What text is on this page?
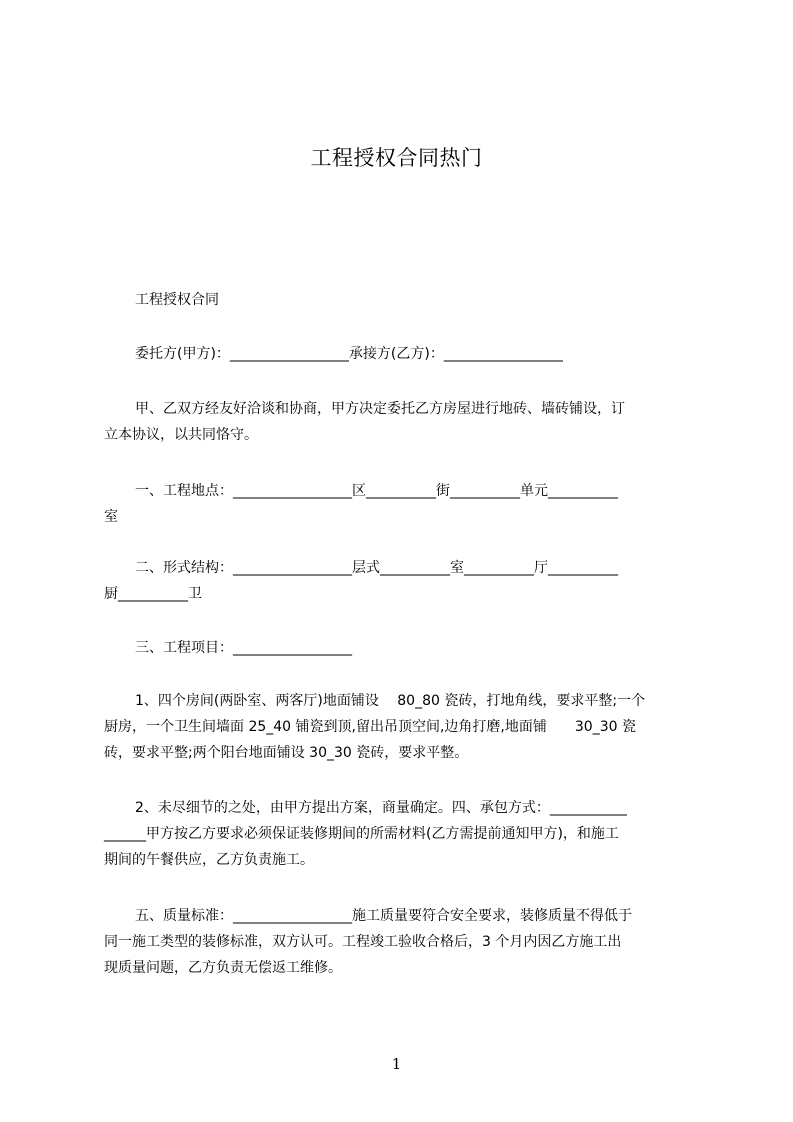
工程授权合同热门
工程授权合同
委托方(甲方)：_________________承接方(乙方)：_________________
甲、乙双方经友好洽谈和协商，甲方决定委托乙方房屋进行地砖、墙砖铺设，订
立本协议，以共同恪守。
一、工程地点：_________________区__________街__________单元__________
室
二、形式结构：_________________层式__________室__________厅__________
厨__________卫
三、工程项目：_________________
1、四个房间(两卧室、两客厅)地面铺设　 80_80 瓷砖，打地角线，要求平整;一个
厨房，一个卫生间墙面 25_40 铺瓷到顶,留出吊顶空间,边角打磨,地面铺　　30_30 瓷
砖，要求平整;两个阳台地面铺设 30_30 瓷砖，要求平整。
2、未尽细节的之处，由甲方提出方案，商量确定。四、承包方式：___________
______甲方按乙方要求必须保证装修期间的所需材料(乙方需提前通知甲方)，和施工
期间的午餐供应，乙方负责施工。
五、质量标准：_________________施工质量要符合安全要求，装修质量不得低于
同一施工类型的装修标准，双方认可。工程竣工验收合格后，3 个月内因乙方施工出
现质量问题，乙方负责无偿返工维修。
1
